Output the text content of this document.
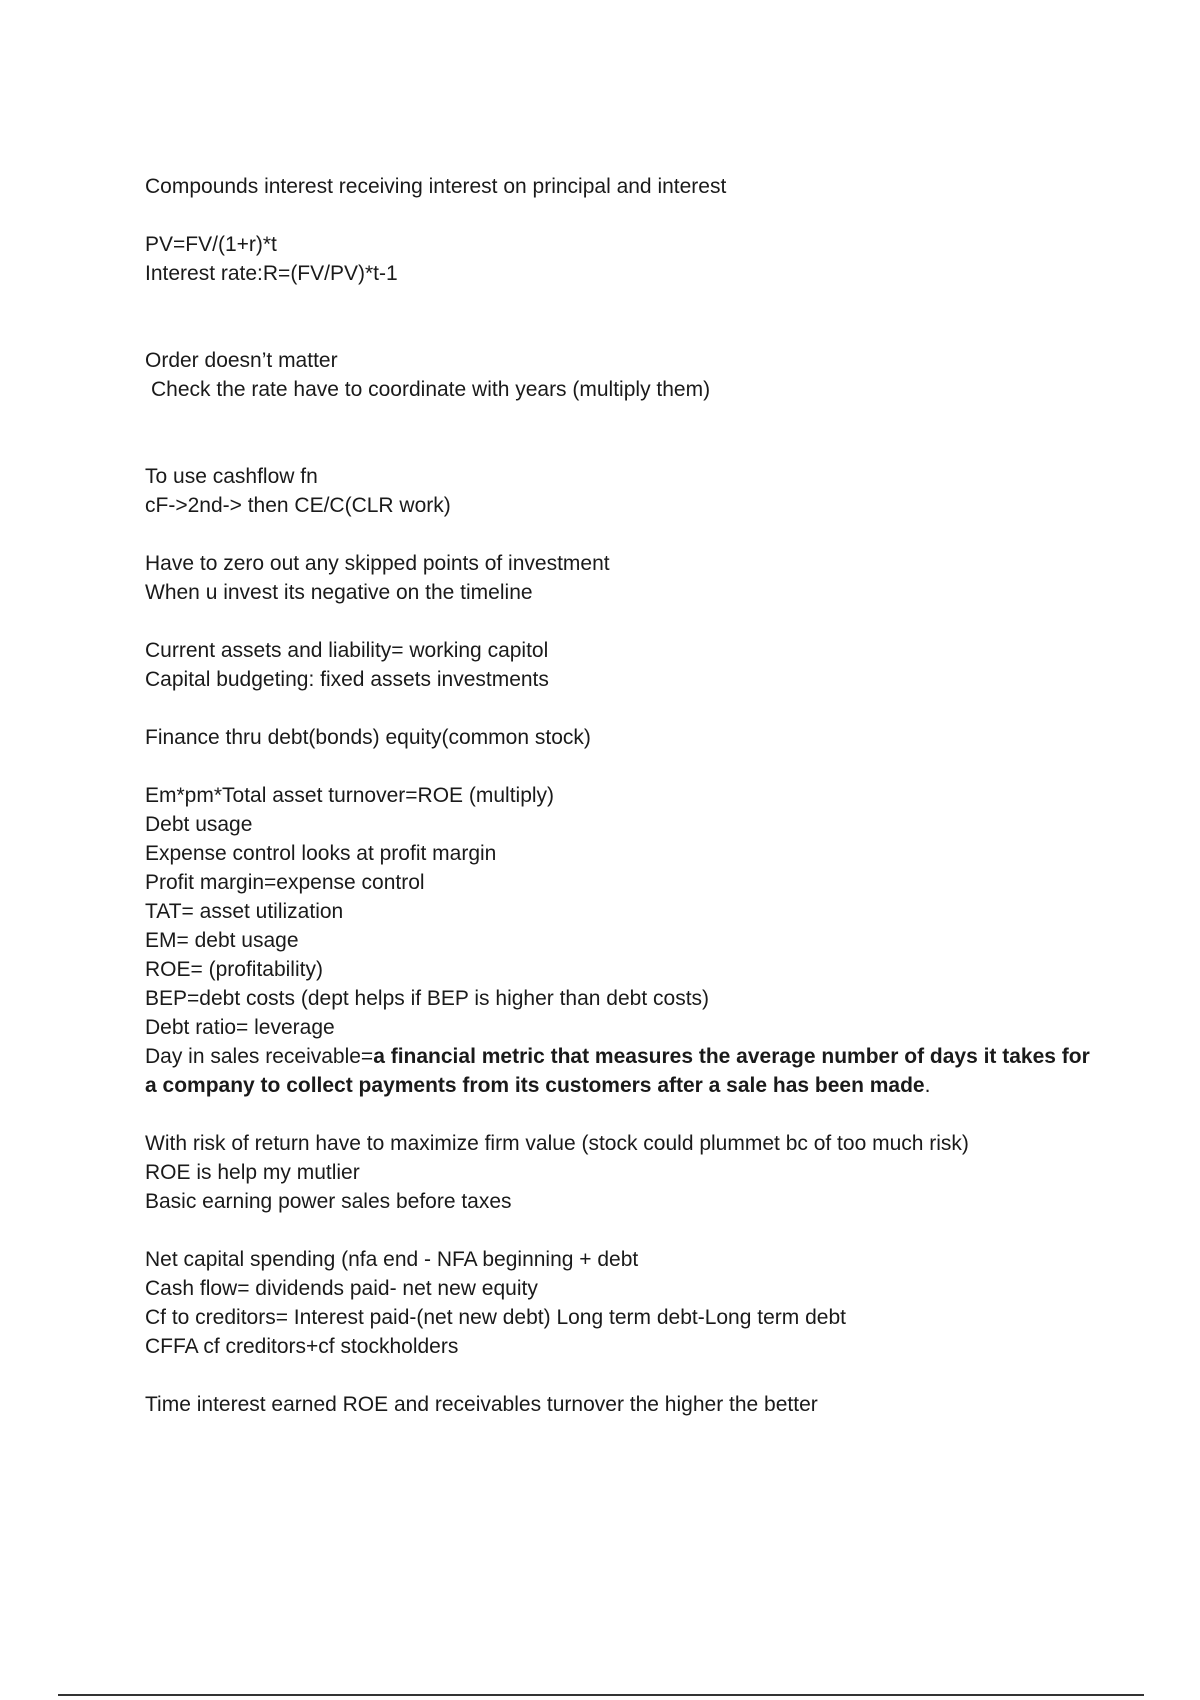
Compounds interest receiving interest on principal and interest
PV=FV/(1+r)*t
Interest rate:R=(FV/PV)*t-1
Order doesn’t matter
Check the rate have to coordinate with years (multiply them)
To use cashflow fn
cF->2nd-> then CE/C(CLR work)
Have to zero out any skipped points of investment
When u invest its negative on the timeline
Current assets and liability= working capitol
Capital budgeting: fixed assets investments
Finance thru debt(bonds) equity(common stock)
Em*pm*Total asset turnover=ROE (multiply)
Debt usage
Expense control looks at profit margin
Profit margin=expense control
TAT= asset utilization
EM= debt usage
ROE= (profitability)
BEP=debt costs (dept helps if BEP is higher than debt costs)
Debt ratio= leverage
Day in sales receivable=a financial metric that measures the average number of days it takes for a company to collect payments from its customers after a sale has been made.
With risk of return have to maximize firm value (stock could plummet bc of too much risk)
ROE is help my mutlier
Basic earning power sales before taxes
Net capital spending (nfa end - NFA beginning + debt
Cash flow= dividends paid- net new equity
Cf to creditors= Interest paid-(net new debt) Long term debt-Long term debt
CFFA cf creditors+cf stockholders
Time interest earned ROE and receivables turnover the higher the better
